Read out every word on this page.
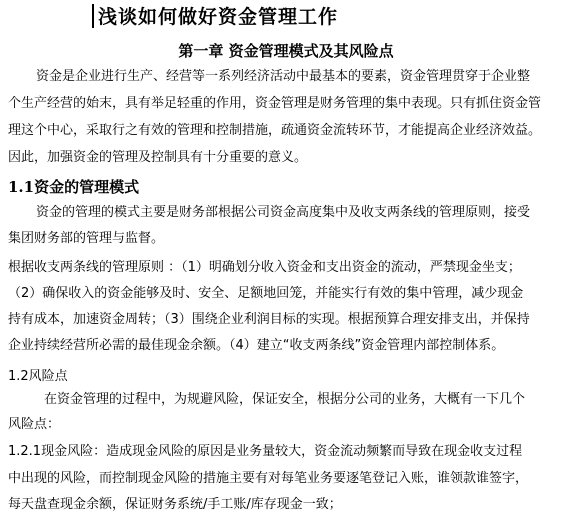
浅谈如何做好资金管理工作
第一章 资金管理模式及其风险点
资金是企业进行生产、经营等一系列经济活动中最基本的要素，资金管理贯穿于企业整
个生产经营的始末，具有举足轻重的作用，资金管理是财务管理的集中表现。只有抓住资金管
理这个中心，采取行之有效的管理和控制措施，疏通资金流转环节，才能提高企业经济效益。
因此，加强资金的管理及控制具有十分重要的意义。
1.1资金的管理模式
资金的管理的模式主要是财务部根据公司资金高度集中及收支两条线的管理原则，接受
集团财务部的管理与监督。
根据收支两条线的管理原则 ：（1）明确划分收入资金和支出资金的流动，严禁现金坐支；
（2）确保收入的资金能够及时、安全、足额地回笼，并能实行有效的集中管理，减少现金
持有成本，加速资金周转；（3）围绕企业利润目标的实现。根据预算合理安排支出，并保持
企业持续经营所必需的最佳现金余额。（4）建立“收支两条线”资金管理内部控制体系。
1.2风险点
在资金管理的过程中，为规避风险，保证安全，根据分公司的业务，大概有一下几个
风险点：
1.2.1现金风险：造成现金风险的原因是业务量较大，资金流动频繁而导致在现金收支过程
中出现的风险，而控制现金风险的措施主要有对每笔业务要逐笔登记入账，谁领款谁签字，
每天盘查现金余额，保证财务系统/手工账/库存现金一致；
